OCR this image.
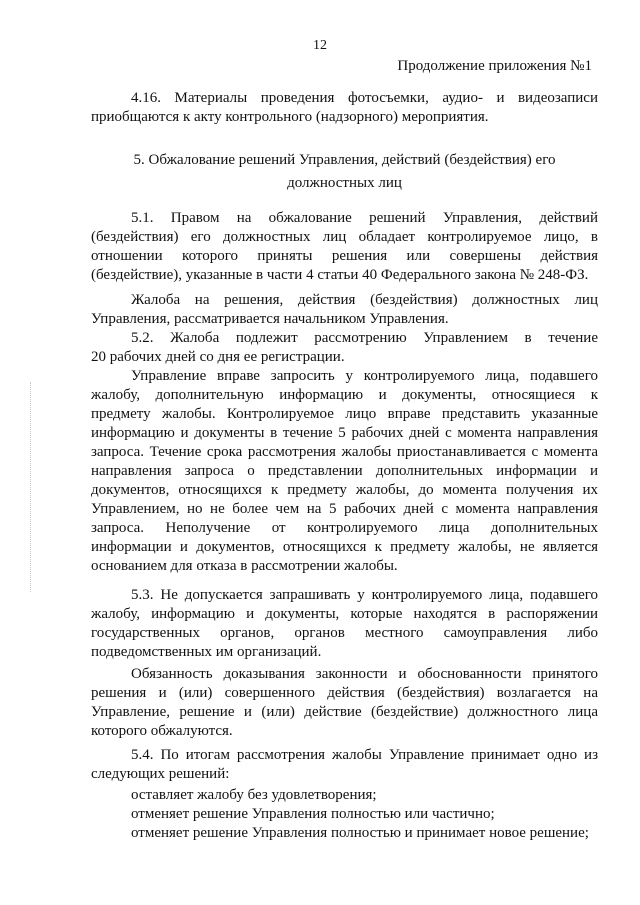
12
Продолжение приложения №1
4.16. Материалы проведения фотосъемки, аудио- и видеозаписи
приобщаются к акту контрольного (надзорного) мероприятия.
5. Обжалование решений Управления, действий (бездействия) его
должностных лиц
5.1. Правом на обжалование решений Управления, действий
(бездействия) его должностных лиц обладает контролируемое лицо, в
отношении которого приняты решения или совершены действия
(бездействие), указанные в части 4 статьи 40 Федерального закона № 248-ФЗ.
Жалоба на решения, действия (бездействия) должностных лиц
Управления, рассматривается начальником Управления.
5.2. Жалоба подлежит рассмотрению Управлением в течение
20 рабочих дней со дня ее регистрации.
Управление вправе запросить у контролируемого лица, подавшего
жалобу, дополнительную информацию и документы, относящиеся к
предмету жалобы. Контролируемое лицо вправе представить указанные
информацию и документы в течение 5 рабочих дней с момента направления
запроса. Течение срока рассмотрения жалобы приостанавливается с момента
направления запроса о представлении дополнительных информации и
документов, относящихся к предмету жалобы, до момента получения их
Управлением, но не более чем на 5 рабочих дней с момента направления
запроса. Неполучение от контролируемого лица дополнительных
информации и документов, относящихся к предмету жалобы, не является
основанием для отказа в рассмотрении жалобы.
5.3. Не допускается запрашивать у контролируемого лица, подавшего
жалобу, информацию и документы, которые находятся в распоряжении
государственных органов, органов местного самоуправления либо
подведомственных им организаций.
Обязанность доказывания законности и обоснованности принятого
решения и (или) совершенного действия (бездействия) возлагается на
Управление, решение и (или) действие (бездействие) должностного лица
которого обжалуются.
5.4. По итогам рассмотрения жалобы Управление принимает одно из
следующих решений:
оставляет жалобу без удовлетворения;
отменяет решение Управления полностью или частично;
отменяет решение Управления полностью и принимает новое решение;
